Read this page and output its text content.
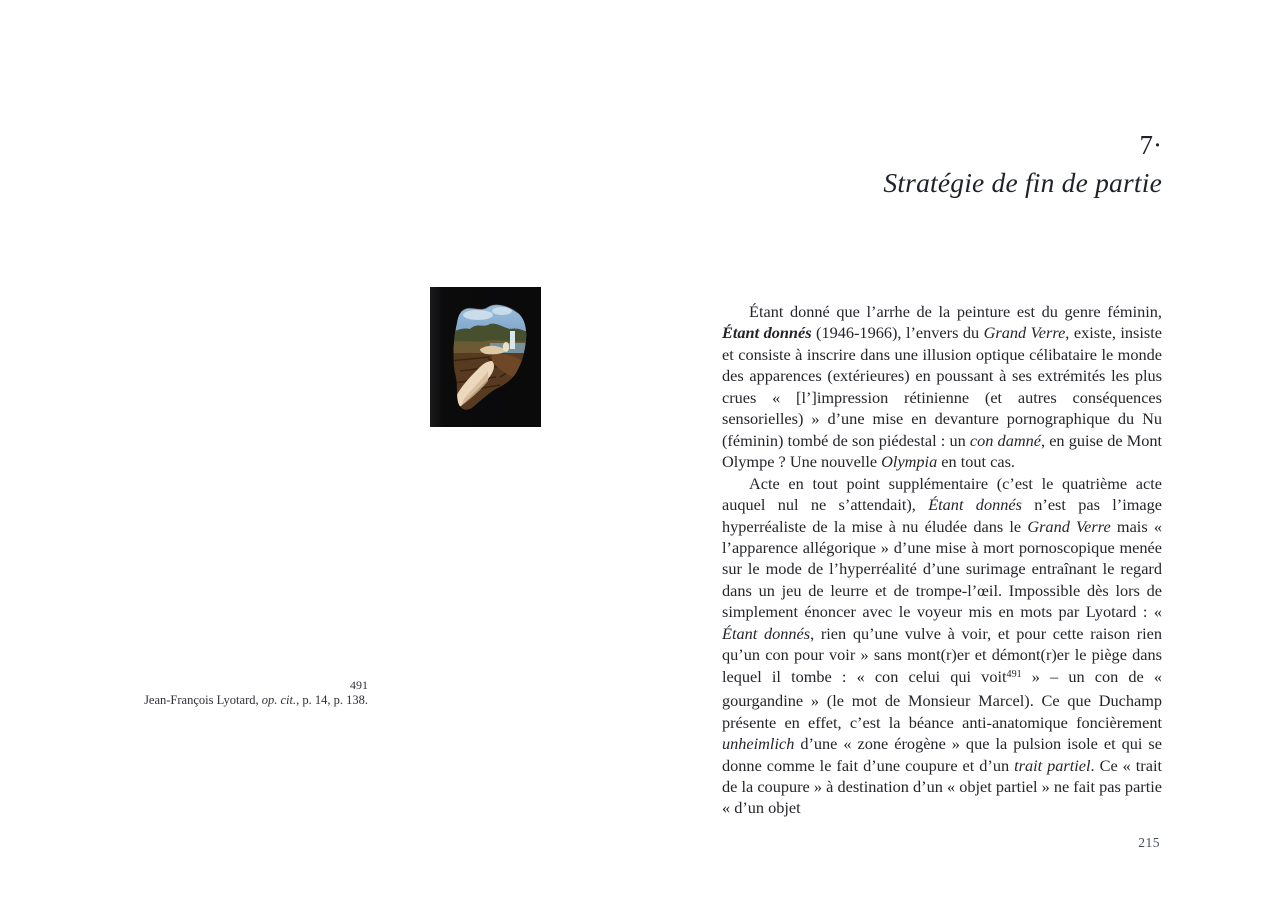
491
Jean-François Lyotard, op. cit., p. 14, p. 138.
7·
Stratégie de fin de partie

Étant donné que l’arrhe de la peinture est du genre féminin, Étant donnés (1946-1966), l’envers du Grand Verre, existe, insiste et consiste à inscrire dans une illusion optique célibataire le monde des apparences (extérieures) en poussant à ses extrémités les plus crues « [l’]impression rétinienne (et autres conséquences sensorielles) » d’une mise en devanture pornographique du Nu (féminin) tombé de son piédestal : un con damné, en guise de Mont Olympe ? Une nouvelle Olympia en tout cas.

Acte en tout point supplémentaire (c’est le quatrième acte auquel nul ne s’attendait), Étant donnés n’est pas l’image hyperréaliste de la mise à nu éludée dans le Grand Verre mais « l’apparence allégorique » d’une mise à mort pornoscopique menée sur le mode de l’hyperréalité d’une surimage entraînant le regard dans un jeu de leurre et de trompe-l’œil. Impossible dès lors de simplement énoncer avec le voyeur mis en mots par Lyotard : « Étant donnés, rien qu’une vulve à voir, et pour cette raison rien qu’un con pour voir » sans mont(r)er et démont(r)er le piège dans lequel il tombe : « con celui qui voit$^{491}$ » – un con de « gourgandine » (le mot de Monsieur Marcel). Ce que Duchamp présente en effet, c’est la béance anti-anatomique foncièrement unheimlich d’une « zone érogène » que la pulsion isole et qui se donne comme le fait d’une coupure et d’un trait partiel. Ce « trait de la coupure » à destination d’un « objet partiel » ne fait pas partie « d’un objet

215
